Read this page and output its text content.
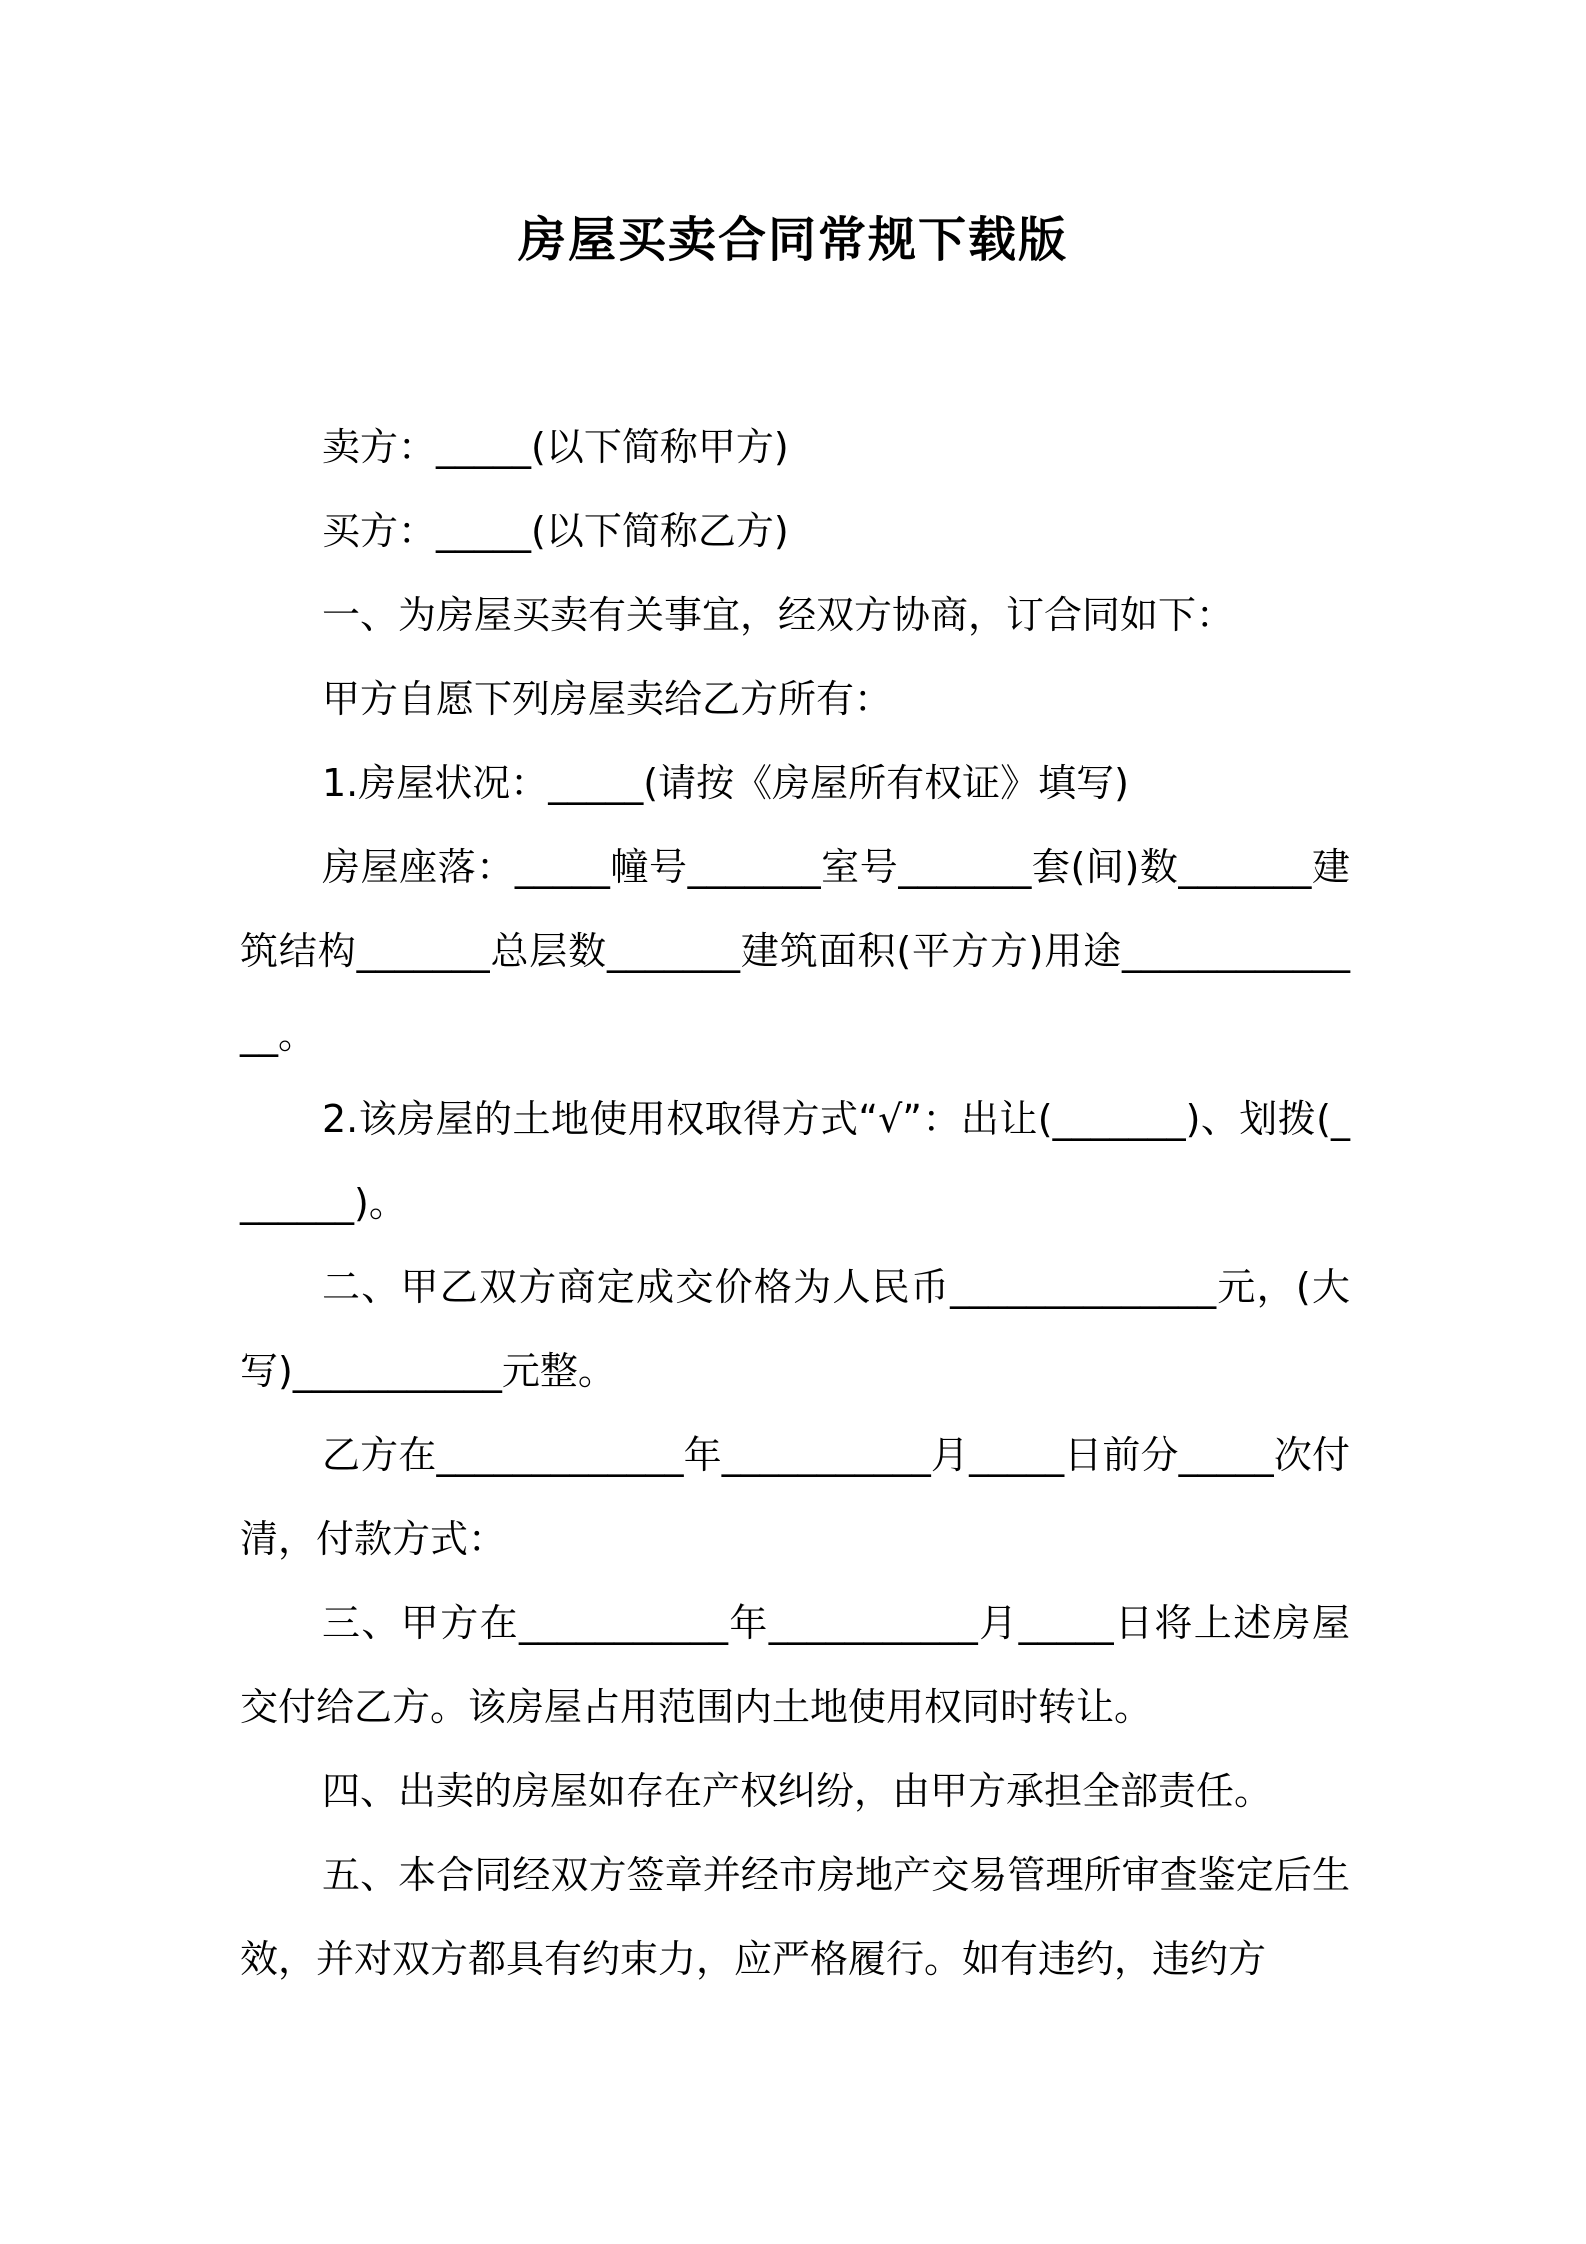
房屋买卖合同常规下载版

卖方：_____(以下简称甲方)

买方：_____(以下简称乙方)

一、为房屋买卖有关事宜，经双方协商，订合同如下：

甲方自愿下列房屋卖给乙方所有：

1.房屋状况：_____(请按《房屋所有权证》填写)

房屋座落：_____幢号_______室号_______套(间)数_______建筑结构_______总层数_______建筑面积(平方方)用途______________。

2.该房屋的土地使用权取得方式“√”：出让(_______)、划拨(_______)。

二、甲乙双方商定成交价格为人民币______________元，(大写)___________元整。

乙方在_____________年___________月_____日前分_____次付清，付款方式：

三、甲方在___________年___________月_____日将上述房屋交付给乙方。该房屋占用范围内土地使用权同时转让。

四、出卖的房屋如存在产权纠纷，由甲方承担全部责任。

五、本合同经双方签章并经市房地产交易管理所审查鉴定后生效，并对双方都具有约束力，应严格履行。如有违约，违约方
